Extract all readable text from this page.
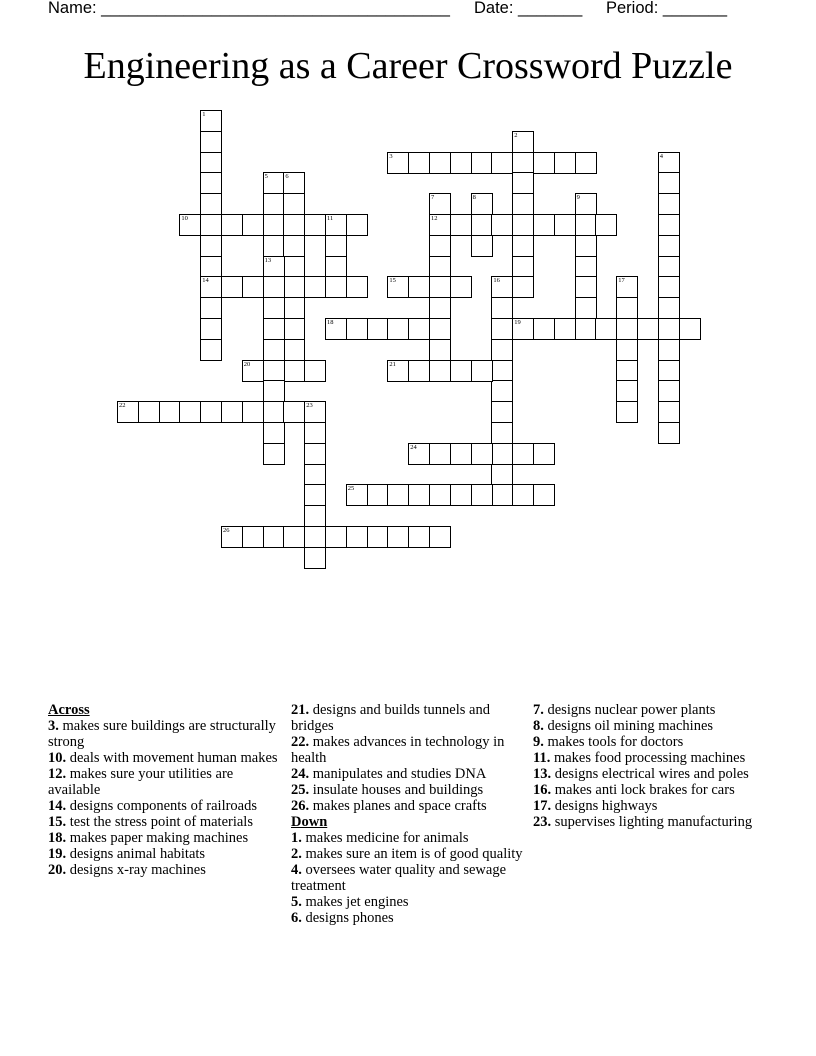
Name: ______________________________________ Date: _______ Period: _______
Engineering as a Career Crossword Puzzle
1
2
3	4
5	6
7	8	9
10	11	12
13
14	15	16	17
18	19
20	21
22	23
24
25
26
Across
3. makes sure buildings are structurally strong
10. deals with movement human makes
12. makes sure your utilities are available
14. designs components of railroads
15. test the stress point of materials
18. makes paper making machines
19. designs animal habitats
20. designs x-ray machines
21. designs and builds tunnels and bridges
22. makes advances in technology in health
24. manipulates and studies DNA
25. insulate houses and buildings
26. makes planes and space crafts
Down
1. makes medicine for animals
2. makes sure an item is of good quality
4. oversees water quality and sewage treatment
5. makes jet engines
6. designs phones
7. designs nuclear power plants
8. designs oil mining machines
9. makes tools for doctors
11. makes food processing machines
13. designs electrical wires and poles
16. makes anti lock brakes for cars
17. designs highways
23. supervises lighting manufacturing
